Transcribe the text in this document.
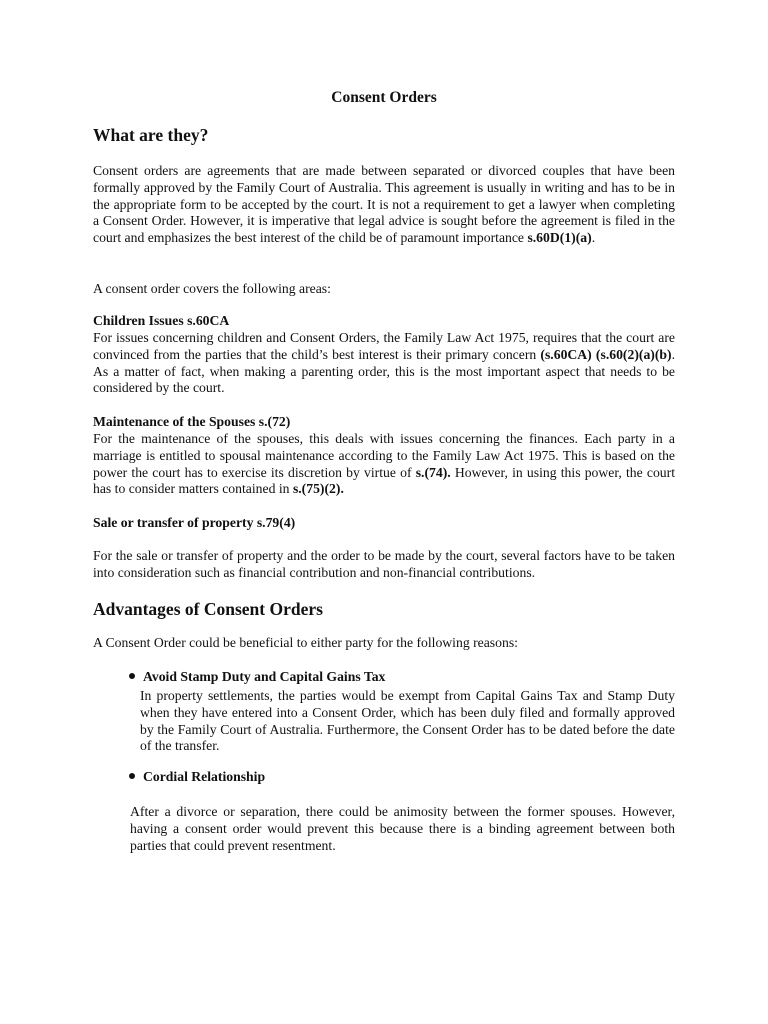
Consent Orders
What are they?

Consent orders are agreements that are made between separated or divorced couples that have been formally approved by the Family Court of Australia. This agreement is usually in writing and has to be in the appropriate form to be accepted by the court. It is not a requirement to get a lawyer when completing a Consent Order. However, it is imperative that legal advice is sought before the agreement is filed in the court and emphasizes the best interest of the child be of paramount importance s.60D(1)(a).

A consent order covers the following areas:

Children Issues s.60CA

For issues concerning children and Consent Orders, the Family Law Act 1975, requires that the court are convinced from the parties that the child’s best interest is their primary concern (s.60CA) (s.60(2)(a)(b). As a matter of fact, when making a parenting order, this is the most important aspect that needs to be considered by the court.

Maintenance of the Spouses s.(72)

For the maintenance of the spouses, this deals with issues concerning the finances. Each party in a marriage is entitled to spousal maintenance according to the Family Law Act 1975. This is based on the power the court has to exercise its discretion by virtue of s.(74). However, in using this power, the court has to consider matters contained in s.(75)(2).

Sale or transfer of property s.79(4)

For the sale or transfer of property and the order to be made by the court, several factors have to be taken into consideration such as financial contribution and non-financial contributions.

Advantages of Consent Orders

A Consent Order could be beneficial to either party for the following reasons:

Avoid Stamp Duty and Capital Gains Tax

In property settlements, the parties would be exempt from Capital Gains Tax and Stamp Duty when they have entered into a Consent Order, which has been duly filed and formally approved by the Family Court of Australia. Furthermore, the Consent Order has to be dated before the date of the transfer.

Cordial Relationship

After a divorce or separation, there could be animosity between the former spouses. However, having a consent order would prevent this because there is a binding agreement between both parties that could prevent resentment.
